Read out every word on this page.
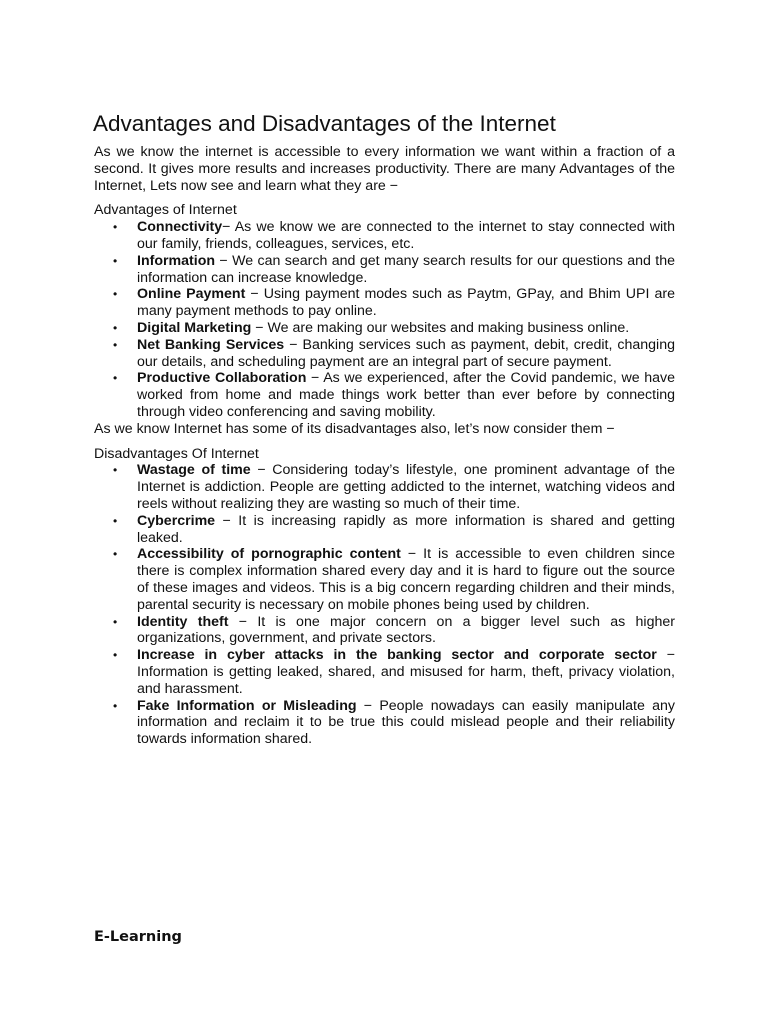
Advantages and Disadvantages of the Internet

As we know the internet is accessible to every information we want within a fraction of a second. It gives more results and increases productivity. There are many Advantages of the Internet, Lets now see and learn what they are −

Advantages of Internet
• Connectivity− As we know we are connected to the internet to stay connected with our family, friends, colleagues, services, etc.
• Information − We can search and get many search results for our questions and the information can increase knowledge.
• Online Payment − Using payment modes such as Paytm, GPay, and Bhim UPI are many payment methods to pay online.
• Digital Marketing − We are making our websites and making business online.
• Net Banking Services − Banking services such as payment, debit, credit, changing our details, and scheduling payment are an integral part of secure payment.
• Productive Collaboration − As we experienced, after the Covid pandemic, we have worked from home and made things work better than ever before by connecting through video conferencing and saving mobility.

As we know Internet has some of its disadvantages also, let’s now consider them −

Disadvantages Of Internet
• Wastage of time − Considering today’s lifestyle, one prominent advantage of the Internet is addiction. People are getting addicted to the internet, watching videos and reels without realizing they are wasting so much of their time.
• Cybercrime − It is increasing rapidly as more information is shared and getting leaked.
• Accessibility of pornographic content − It is accessible to even children since there is complex information shared every day and it is hard to figure out the source of these images and videos. This is a big concern regarding children and their minds, parental security is necessary on mobile phones being used by children.
• Identity theft − It is one major concern on a bigger level such as higher organizations, government, and private sectors.
• Increase in cyber attacks in the banking sector and corporate sector − Information is getting leaked, shared, and misused for harm, theft, privacy violation, and harassment.
• Fake Information or Misleading − People nowadays can easily manipulate any information and reclaim it to be true this could mislead people and their reliability towards information shared.
E-Learning
